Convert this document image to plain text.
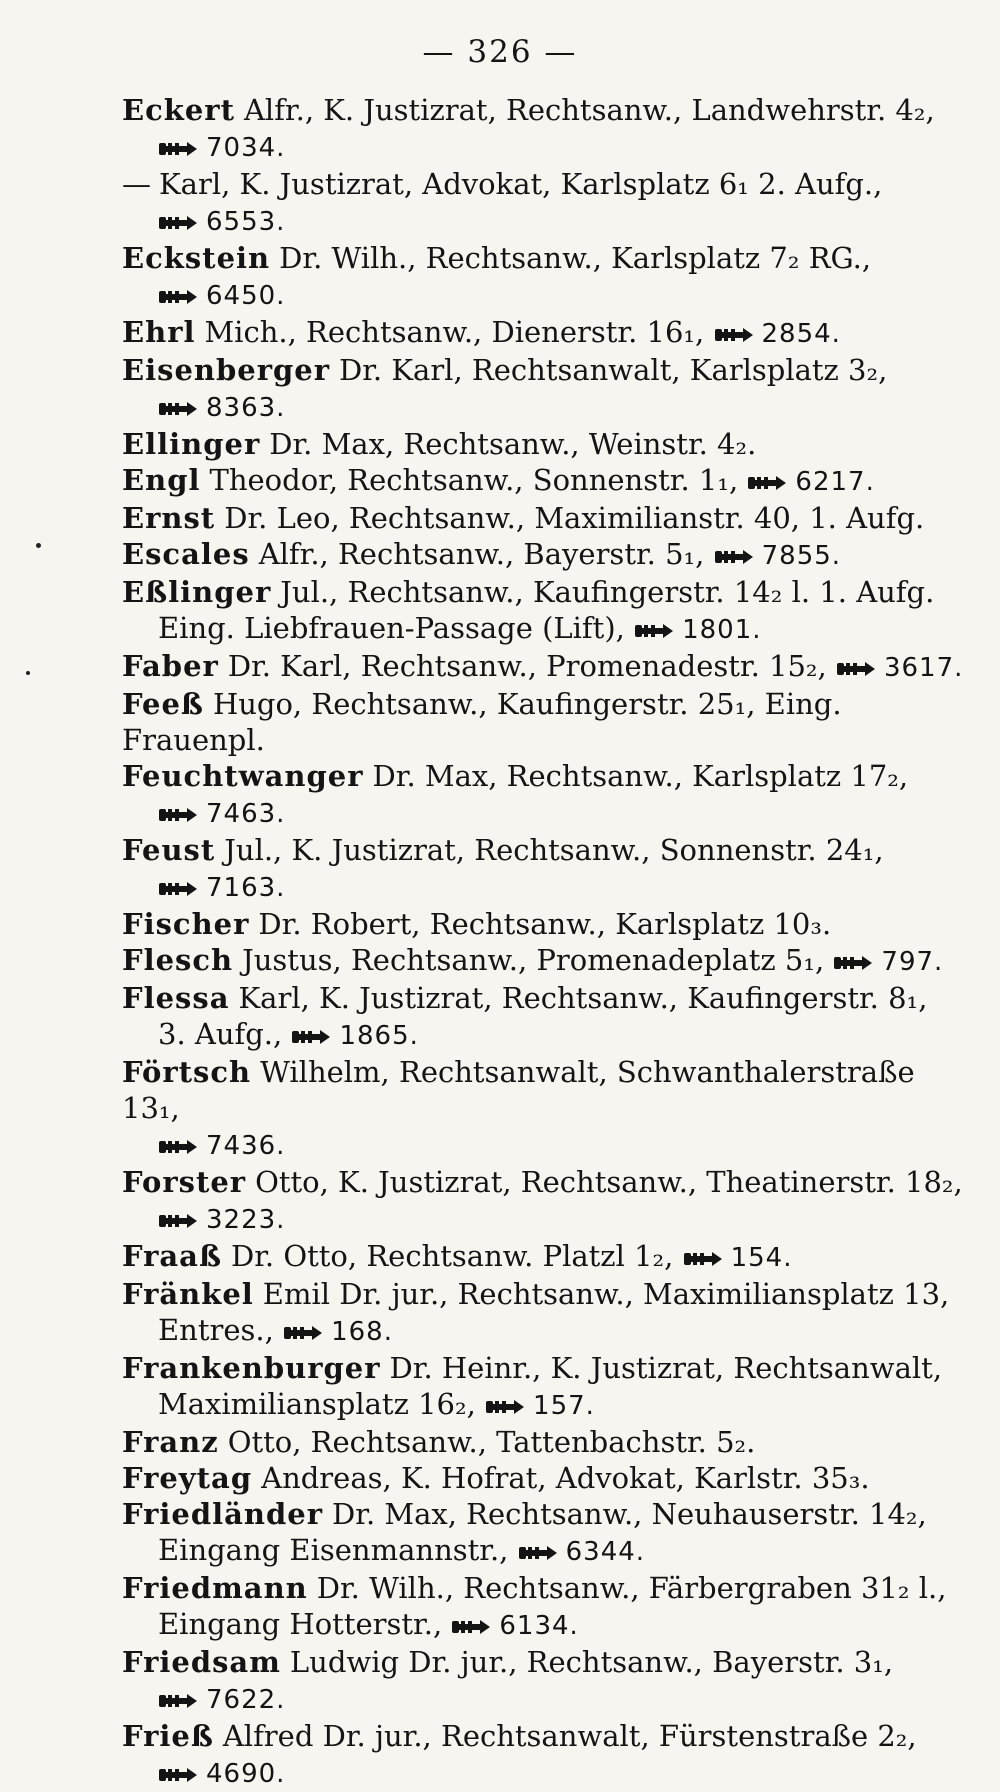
— 326 —
Eckert Alfr., K. Justizrat, Rechtsanw., Landwehrstr. 4₂,
7034.
— Karl, K. Justizrat, Advokat, Karlsplatz 6₁ 2. Aufg.,
6553.
Eckstein Dr. Wilh., Rechtsanw., Karlsplatz 7₂ RG.,
6450.
Ehrl Mich., Rechtsanw., Dienerstr. 16₁, 2854.
Eisenberger Dr. Karl, Rechtsanwalt, Karlsplatz 3₂,
8363.
Ellinger Dr. Max, Rechtsanw., Weinstr. 4₂.
Engl Theodor, Rechtsanw., Sonnenstr. 1₁, 6217.
Ernst Dr. Leo, Rechtsanw., Maximilianstr. 40, 1. Aufg.
Escales Alfr., Rechtsanw., Bayerstr. 5₁, 7855.
Eßlinger Jul., Rechtsanw., Kaufingerstr. 14₂ l. 1. Aufg.
Eing. Liebfrauen-Passage (Lift), 1801.
Faber Dr. Karl, Rechtsanw., Promenadestr. 15₂, 3617.
Feeß Hugo, Rechtsanw., Kaufingerstr. 25₁, Eing. Frauenpl.
Feuchtwanger Dr. Max, Rechtsanw., Karlsplatz 17₂,
7463.
Feust Jul., K. Justizrat, Rechtsanw., Sonnenstr. 24₁,
7163.
Fischer Dr. Robert, Rechtsanw., Karlsplatz 10₃.
Flesch Justus, Rechtsanw., Promenadeplatz 5₁, 797.
Flessa Karl, K. Justizrat, Rechtsanw., Kaufingerstr. 8₁,
3. Aufg., 1865.
Förtsch Wilhelm, Rechtsanwalt, Schwanthalerstraße 13₁,
7436.
Forster Otto, K. Justizrat, Rechtsanw., Theatinerstr. 18₂,
3223.
Fraaß Dr. Otto, Rechtsanw. Platzl 1₂, 154.
Fränkel Emil Dr. jur., Rechtsanw., Maximiliansplatz 13,
Entres., 168.
Frankenburger Dr. Heinr., K. Justizrat, Rechtsanwalt,
Maximiliansplatz 16₂, 157.
Franz Otto, Rechtsanw., Tattenbachstr. 5₂.
Freytag Andreas, K. Hofrat, Advokat, Karlstr. 35₃.
Friedländer Dr. Max, Rechtsanw., Neuhauserstr. 14₂,
Eingang Eisenmannstr., 6344.
Friedmann Dr. Wilh., Rechtsanw., Färbergraben 31₂ l.,
Eingang Hotterstr., 6134.
Friedsam Ludwig Dr. jur., Rechtsanw., Bayerstr. 3₁,
7622.
Frieß Alfred Dr. jur., Rechtsanwalt, Fürstenstraße 2₂,
4690.
